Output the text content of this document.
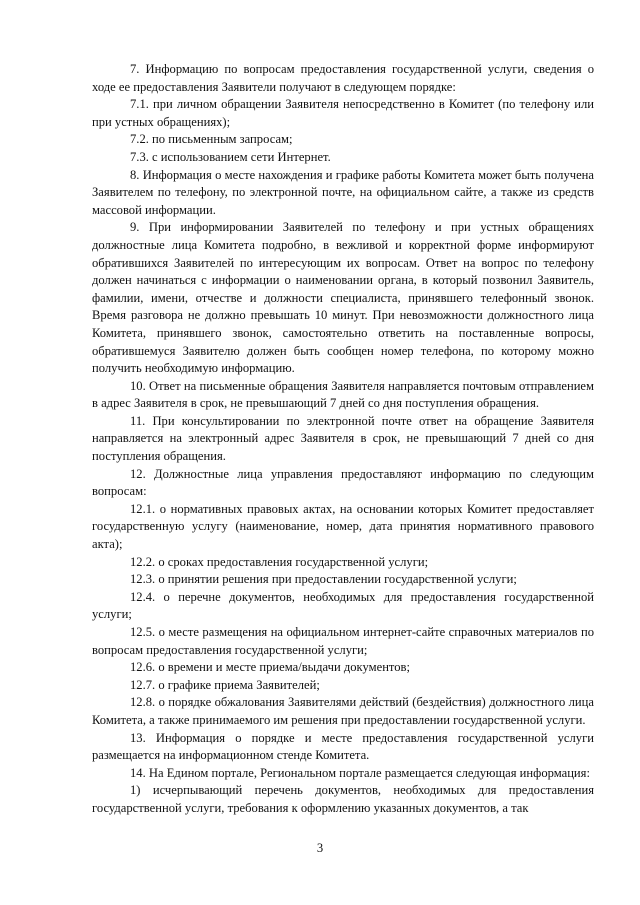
7. Информацию по вопросам предоставления государственной услуги, сведения о ходе ее предоставления Заявители получают в следующем порядке:

7.1. при личном обращении Заявителя непосредственно в Комитет (по телефону или при устных обращениях);

7.2. по письменным запросам;

7.3. с использованием сети Интернет.

8. Информация о месте нахождения и графике работы Комитета может быть получена Заявителем по телефону, по электронной почте, на официальном сайте, а также из средств массовой информации.

9. При информировании Заявителей по телефону и при устных обращениях должностные лица Комитета подробно, в вежливой и корректной форме информируют обратившихся Заявителей по интересующим их вопросам. Ответ на вопрос по телефону должен начинаться с информации о наименовании органа, в который позвонил Заявитель, фамилии, имени, отчестве и должности специалиста, принявшего телефонный звонок. Время разговора не должно превышать 10 минут. При невозможности должностного лица Комитета, принявшего звонок, самостоятельно ответить на поставленные вопросы, обратившемуся Заявителю должен быть сообщен номер телефона, по которому можно получить необходимую информацию.

10. Ответ на письменные обращения Заявителя направляется почтовым отправлением в адрес Заявителя в срок, не превышающий 7 дней со дня поступления обращения.

11. При консультировании по электронной почте ответ на обращение Заявителя направляется на электронный адрес Заявителя в срок, не превышающий 7 дней со дня поступления обращения.

12. Должностные лица управления предоставляют информацию по следующим вопросам:

12.1. о нормативных правовых актах, на основании которых Комитет предоставляет государственную услугу (наименование, номер, дата принятия нормативного правового акта);

12.2. о сроках предоставления государственной услуги;

12.3. о принятии решения при предоставлении государственной услуги;

12.4. о перечне документов, необходимых для предоставления государственной услуги;

12.5. о месте размещения на официальном интернет-сайте справочных материалов по вопросам предоставления государственной услуги;

12.6. о времени и месте приема/выдачи документов;

12.7. о графике приема Заявителей;

12.8. о порядке обжалования Заявителями действий (бездействия) должностного лица Комитета, а также принимаемого им решения при предоставлении государственной услуги.

13. Информация о порядке и месте предоставления государственной услуги размещается на информационном стенде Комитета.

14. На Едином портале, Региональном портале размещается следующая информация:

1) исчерпывающий перечень документов, необходимых для предоставления государственной услуги, требования к оформлению указанных документов, а так

3
